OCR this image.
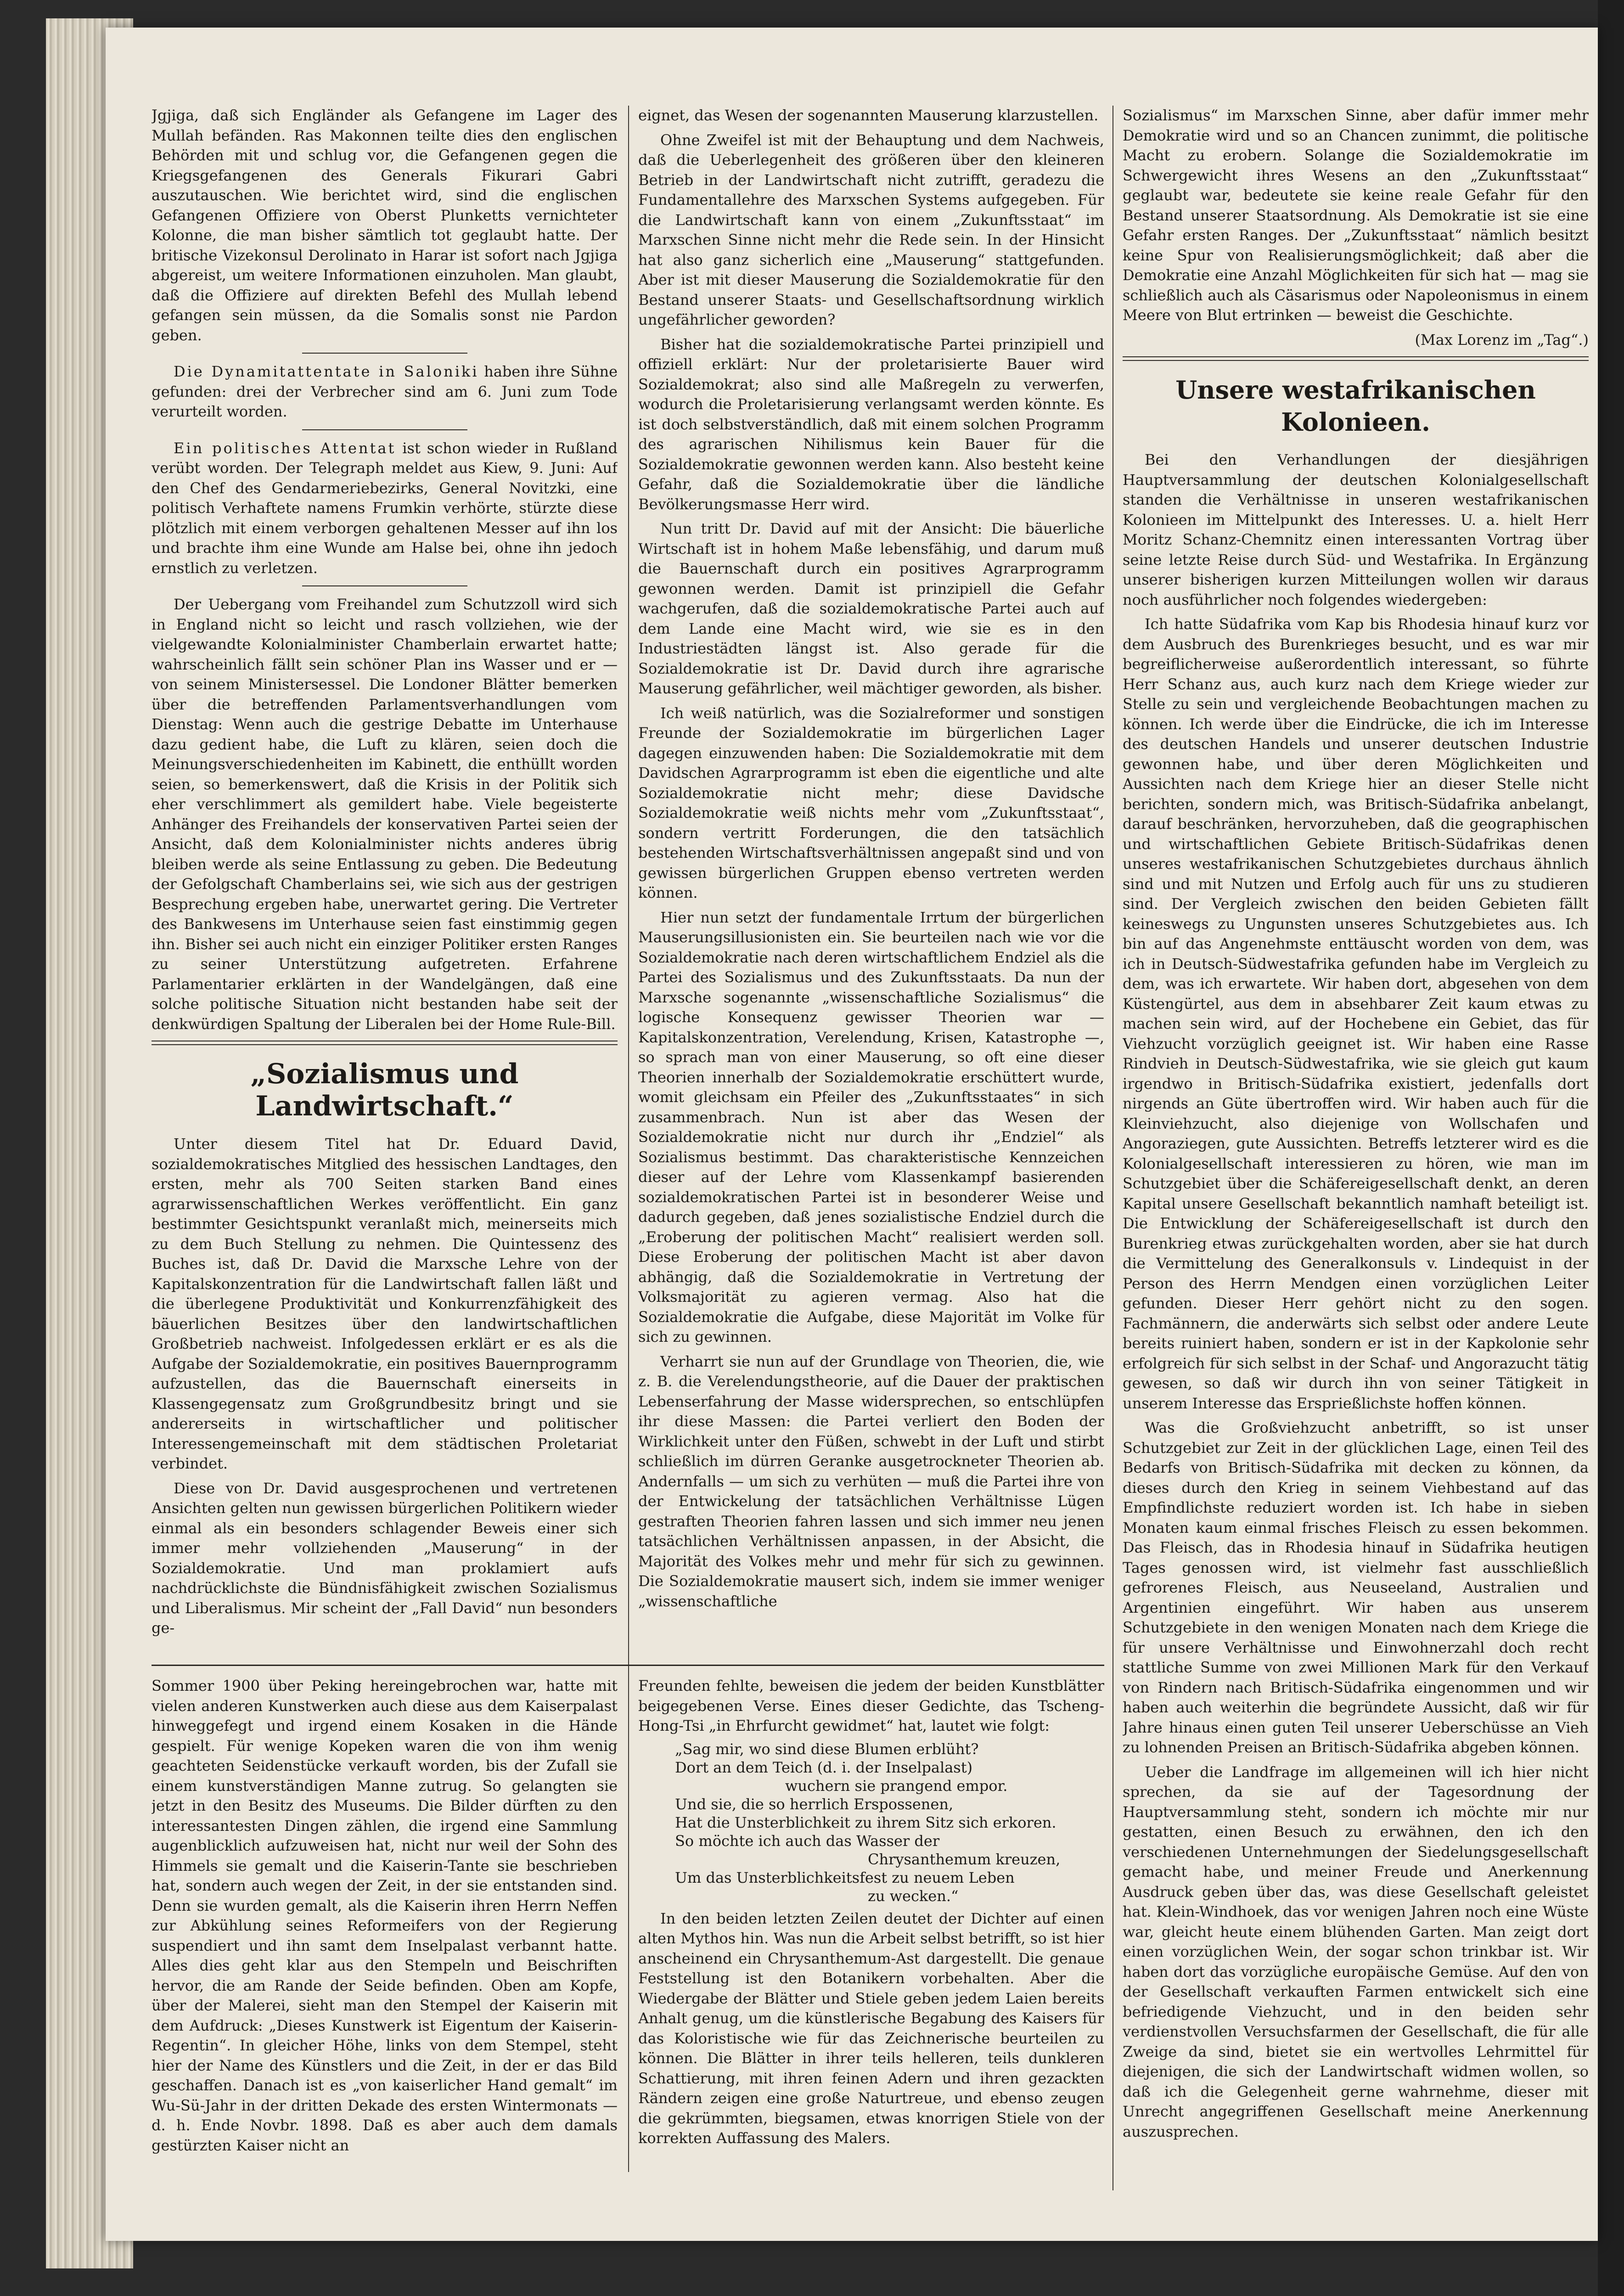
Jgjiga, daß sich Engländer als Gefangene im Lager des Mullah befänden. Ras Makonnen teilte dies den englischen Behörden mit und schlug vor, die Gefangenen gegen die Kriegsgefangenen des Generals Fikurari Gabri auszutauschen. Wie berichtet wird, sind die englischen Gefangenen Offiziere von Oberst Plunketts vernichteter Kolonne, die man bisher sämtlich tot geglaubt hatte. Der britische Vizekonsul Derolinato in Harar ist sofort nach Jgjiga abgereist, um weitere Informationen einzuholen. Man glaubt, daß die Offiziere auf direkten Befehl des Mullah lebend gefangen sein müssen, da die Somalis sonst nie Pardon geben.

Die Dynamitattentate in Saloniki haben ihre Sühne gefunden: drei der Verbrecher sind am 6. Juni zum Tode verurteilt worden.

Ein politisches Attentat ist schon wieder in Rußland verübt worden. Der Telegraph meldet aus Kiew, 9. Juni: Auf den Chef des Gendarmeriebezirks, General Novitzki, eine politisch Verhaftete namens Frumkin verhörte, stürzte diese plötzlich mit einem verborgen gehaltenen Messer auf ihn los und brachte ihm eine Wunde am Halse bei, ohne ihn jedoch ernstlich zu verletzen.

Der Uebergang vom Freihandel zum Schutzzoll wird sich in England nicht so leicht und rasch vollziehen, wie der vielgewandte Kolonialminister Chamberlain erwartet hatte; wahrscheinlich fällt sein schöner Plan ins Wasser und er — von seinem Ministersessel. Die Londoner Blätter bemerken über die betreffenden Parlamentsverhandlungen vom Dienstag: Wenn auch die gestrige Debatte im Unterhause dazu gedient habe, die Luft zu klären, seien doch die Meinungsverschiedenheiten im Kabinett, die enthüllt worden seien, so bemerkenswert, daß die Krisis in der Politik sich eher verschlimmert als gemildert habe. Viele begeisterte Anhänger des Freihandels der konservativen Partei seien der Ansicht, daß dem Kolonialminister nichts anderes übrig bleiben werde als seine Entlassung zu geben. Die Bedeutung der Gefolgschaft Chamberlains sei, wie sich aus der gestrigen Besprechung ergeben habe, unerwartet gering. Die Vertreter des Bankwesens im Unterhause seien fast einstimmig gegen ihn. Bisher sei auch nicht ein einziger Politiker ersten Ranges zu seiner Unterstützung aufgetreten. Erfahrene Parlamentarier erklärten in der Wandelgängen, daß eine solche politische Situation nicht bestanden habe seit der denkwürdigen Spaltung der Liberalen bei der Home Rule-Bill.

„Sozialismus und Landwirtschaft.“

Unter diesem Titel hat Dr. Eduard David, sozialdemokratisches Mitglied des hessischen Landtages, den ersten, mehr als 700 Seiten starken Band eines agrarwissenschaftlichen Werkes veröffentlicht. Ein ganz bestimmter Gesichtspunkt veranlaßt mich, meinerseits mich zu dem Buch Stellung zu nehmen. Die Quintessenz des Buches ist, daß Dr. David die Marxsche Lehre von der Kapitalskonzentration für die Landwirtschaft fallen läßt und die überlegene Produktivität und Konkurrenzfähigkeit des bäuerlichen Besitzes über den landwirtschaftlichen Großbetrieb nachweist. Infolgedessen erklärt er es als die Aufgabe der Sozialdemokratie, ein positives Bauernprogramm aufzustellen, das die Bauernschaft einerseits in Klassengegensatz zum Großgrundbesitz bringt und sie andererseits in wirtschaftlicher und politischer Interessengemeinschaft mit dem städtischen Proletariat verbindet.

Diese von Dr. David ausgesprochenen und vertretenen Ansichten gelten nun gewissen bürgerlichen Politikern wieder einmal als ein besonders schlagender Beweis einer sich immer mehr vollziehenden „Mauserung“ in der Sozialdemokratie. Und man proklamiert aufs nachdrücklichste die Bündnisfähigkeit zwischen Sozialismus und Liberalismus. Mir scheint der „Fall David“ nun besonders ge-

eignet, das Wesen der sogenannten Mauserung klarzustellen.

Ohne Zweifel ist mit der Behauptung und dem Nachweis, daß die Ueberlegenheit des größeren über den kleineren Betrieb in der Landwirtschaft nicht zutrifft, geradezu die Fundamentallehre des Marxschen Systems aufgegeben. Für die Landwirtschaft kann von einem „Zukunftsstaat“ im Marxschen Sinne nicht mehr die Rede sein. In der Hinsicht hat also ganz sicherlich eine „Mauserung“ stattgefunden. Aber ist mit dieser Mauserung die Sozialdemokratie für den Bestand unserer Staats- und Gesellschaftsordnung wirklich ungefährlicher geworden?

Bisher hat die sozialdemokratische Partei prinzipiell und offiziell erklärt: Nur der proletarisierte Bauer wird Sozialdemokrat; also sind alle Maßregeln zu verwerfen, wodurch die Proletarisierung verlangsamt werden könnte. Es ist doch selbstverständlich, daß mit einem solchen Programm des agrarischen Nihilismus kein Bauer für die Sozialdemokratie gewonnen werden kann. Also besteht keine Gefahr, daß die Sozialdemokratie über die ländliche Bevölkerungsmasse Herr wird.

Nun tritt Dr. David auf mit der Ansicht: Die bäuerliche Wirtschaft ist in hohem Maße lebensfähig, und darum muß die Bauernschaft durch ein positives Agrarprogramm gewonnen werden. Damit ist prinzipiell die Gefahr wachgerufen, daß die sozialdemokratische Partei auch auf dem Lande eine Macht wird, wie sie es in den Industriestädten längst ist. Also gerade für die Sozialdemokratie ist Dr. David durch ihre agrarische Mauserung gefährlicher, weil mächtiger geworden, als bisher.

Ich weiß natürlich, was die Sozialreformer und sonstigen Freunde der Sozialdemokratie im bürgerlichen Lager dagegen einzuwenden haben: Die Sozialdemokratie mit dem Davidschen Agrarprogramm ist eben die eigentliche und alte Sozialdemokratie nicht mehr; diese Davidsche Sozialdemokratie weiß nichts mehr vom „Zukunftsstaat“, sondern vertritt Forderungen, die den tatsächlich bestehenden Wirtschaftsverhältnissen angepaßt sind und von gewissen bürgerlichen Gruppen ebenso vertreten werden können.

Hier nun setzt der fundamentale Irrtum der bürgerlichen Mauserungsillusionisten ein. Sie beurteilen nach wie vor die Sozialdemokratie nach deren wirtschaftlichem Endziel als die Partei des Sozialismus und des Zukunftsstaats. Da nun der Marxsche sogenannte „wissenschaftliche Sozialismus“ die logische Konsequenz gewisser Theorien war — Kapitalskonzentration, Verelendung, Krisen, Katastrophe —, so sprach man von einer Mauserung, so oft eine dieser Theorien innerhalb der Sozialdemokratie erschüttert wurde, womit gleichsam ein Pfeiler des „Zukunftsstaates“ in sich zusammenbrach. Nun ist aber das Wesen der Sozialdemokratie nicht nur durch ihr „Endziel“ als Sozialismus bestimmt. Das charakteristische Kennzeichen dieser auf der Lehre vom Klassenkampf basierenden sozialdemokratischen Partei ist in besonderer Weise und dadurch gegeben, daß jenes sozialistische Endziel durch die „Eroberung der politischen Macht“ realisiert werden soll. Diese Eroberung der politischen Macht ist aber davon abhängig, daß die Sozialdemokratie in Vertretung der Volksmajorität zu agieren vermag. Also hat die Sozialdemokratie die Aufgabe, diese Majorität im Volke für sich zu gewinnen.

Verharrt sie nun auf der Grundlage von Theorien, die, wie z. B. die Verelendungstheorie, auf die Dauer der praktischen Lebenserfahrung der Masse widersprechen, so entschlüpfen ihr diese Massen: die Partei verliert den Boden der Wirklichkeit unter den Füßen, schwebt in der Luft und stirbt schließlich im dürren Geranke ausgetrockneter Theorien ab. Andernfalls — um sich zu verhüten — muß die Partei ihre von der Entwickelung der tatsächlichen Verhältnisse Lügen gestraften Theorien fahren lassen und sich immer neu jenen tatsächlichen Verhältnissen anpassen, in der Absicht, die Majorität des Volkes mehr und mehr für sich zu gewinnen. Die Sozialdemokratie mausert sich, indem sie immer weniger „wissenschaftliche

Sozialismus“ im Marxschen Sinne, aber dafür immer mehr Demokratie wird und so an Chancen zunimmt, die politische Macht zu erobern. Solange die Sozialdemokratie im Schwergewicht ihres Wesens an den „Zukunftsstaat“ geglaubt war, bedeutete sie keine reale Gefahr für den Bestand unserer Staatsordnung. Als Demokratie ist sie eine Gefahr ersten Ranges. Der „Zukunftsstaat“ nämlich besitzt keine Spur von Realisierungsmöglichkeit; daß aber die Demokratie eine Anzahl Möglichkeiten für sich hat — mag sie schließlich auch als Cäsarismus oder Napoleonismus in einem Meere von Blut ertrinken — beweist die Geschichte.

(Max Lorenz im „Tag“.)

Unsere westafrikanischen Kolonieen.

Bei den Verhandlungen der diesjährigen Hauptversammlung der deutschen Kolonialgesellschaft standen die Verhältnisse in unseren westafrikanischen Kolonieen im Mittelpunkt des Interesses. U. a. hielt Herr Moritz Schanz-Chemnitz einen interessanten Vortrag über seine letzte Reise durch Süd- und Westafrika. In Ergänzung unserer bisherigen kurzen Mitteilungen wollen wir daraus noch ausführlicher noch folgendes wiedergeben:

Ich hatte Südafrika vom Kap bis Rhodesia hinauf kurz vor dem Ausbruch des Burenkrieges besucht, und es war mir begreiflicherweise außerordentlich interessant, so führte Herr Schanz aus, auch kurz nach dem Kriege wieder zur Stelle zu sein und vergleichende Beobachtungen machen zu können. Ich werde über die Eindrücke, die ich im Interesse des deutschen Handels und unserer deutschen Industrie gewonnen habe, und über deren Möglichkeiten und Aussichten nach dem Kriege hier an dieser Stelle nicht berichten, sondern mich, was Britisch-Südafrika anbelangt, darauf beschränken, hervorzuheben, daß die geographischen und wirtschaftlichen Gebiete Britisch-Südafrikas denen unseres westafrikanischen Schutzgebietes durchaus ähnlich sind und mit Nutzen und Erfolg auch für uns zu studieren sind. Der Vergleich zwischen den beiden Gebieten fällt keineswegs zu Ungunsten unseres Schutzgebietes aus. Ich bin auf das Angenehmste enttäuscht worden von dem, was ich in Deutsch-Südwestafrika gefunden habe im Vergleich zu dem, was ich erwartete. Wir haben dort, abgesehen von dem Küstengürtel, aus dem in absehbarer Zeit kaum etwas zu machen sein wird, auf der Hochebene ein Gebiet, das für Viehzucht vorzüglich geeignet ist. Wir haben eine Rasse Rindvieh in Deutsch-Südwestafrika, wie sie gleich gut kaum irgendwo in Britisch-Südafrika existiert, jedenfalls dort nirgends an Güte übertroffen wird. Wir haben auch für die Kleinviehzucht, also diejenige von Wollschafen und Angoraziegen, gute Aussichten. Betreffs letzterer wird es die Kolonialgesellschaft interessieren zu hören, wie man im Schutzgebiet über die Schäfereigesellschaft denkt, an deren Kapital unsere Gesellschaft bekanntlich namhaft beteiligt ist. Die Entwicklung der Schäfereigesellschaft ist durch den Burenkrieg etwas zurückgehalten worden, aber sie hat durch die Vermittelung des Generalkonsuls v. Lindequist in der Person des Herrn Mendgen einen vorzüglichen Leiter gefunden. Dieser Herr gehört nicht zu den sogen. Fachmännern, die anderwärts sich selbst oder andere Leute bereits ruiniert haben, sondern er ist in der Kapkolonie sehr erfolgreich für sich selbst in der Schaf- und Angorazucht tätig gewesen, so daß wir durch ihn von seiner Tätigkeit in unserem Interesse das Ersprießlichste hoffen können.

Was die Großviehzucht anbetrifft, so ist unser Schutzgebiet zur Zeit in der glücklichen Lage, einen Teil des Bedarfs von Britisch-Südafrika mit decken zu können, da dieses durch den Krieg in seinem Viehbestand auf das Empfindlichste reduziert worden ist. Ich habe in sieben Monaten kaum einmal frisches Fleisch zu essen bekommen. Das Fleisch, das in Rhodesia hinauf in Südafrika heutigen Tages genossen wird, ist vielmehr fast ausschließlich gefrorenes Fleisch, aus Neuseeland, Australien und Argentinien eingeführt. Wir haben aus unserem Schutzgebiete in den wenigen Monaten nach dem Kriege die für unsere Verhältnisse und Einwohnerzahl doch recht stattliche Summe von zwei Millionen Mark für den Verkauf von Rindern nach Britisch-Südafrika eingenommen und wir haben auch weiterhin die begründete Aussicht, daß wir für Jahre hinaus einen guten Teil unserer Ueberschüsse an Vieh zu lohnenden Preisen an Britisch-Südafrika abgeben können.

Ueber die Landfrage im allgemeinen will ich hier nicht sprechen, da sie auf der Tagesordnung der Hauptversammlung steht, sondern ich möchte mir nur gestatten, einen Besuch zu erwähnen, den ich den verschiedenen Unternehmungen der Siedelungsgesellschaft gemacht habe, und meiner Freude und Anerkennung Ausdruck geben über das, was diese Gesellschaft geleistet hat. Klein-Windhoek, das vor wenigen Jahren noch eine Wüste war, gleicht heute einem blühenden Garten. Man zeigt dort einen vorzüglichen Wein, der sogar schon trinkbar ist. Wir haben dort das vorzügliche europäische Gemüse. Auf den von der Gesellschaft verkauften Farmen entwickelt sich eine befriedigende Viehzucht, und in den beiden sehr verdienstvollen Versuchsfarmen der Gesellschaft, die für alle Zweige da sind, bietet sie ein wertvolles Lehrmittel für diejenigen, die sich der Landwirtschaft widmen wollen, so daß ich die Gelegenheit gerne wahrnehme, dieser mit Unrecht angegriffenen Gesellschaft meine Anerkennung auszusprechen.

Sommer 1900 über Peking hereingebrochen war, hatte mit vielen anderen Kunstwerken auch diese aus dem Kaiserpalast hinweggefegt und irgend einem Kosaken in die Hände gespielt. Für wenige Kopeken waren die von ihm wenig geachteten Seidenstücke verkauft worden, bis der Zufall sie einem kunstverständigen Manne zutrug. So gelangten sie jetzt in den Besitz des Museums. Die Bilder dürften zu den interessantesten Dingen zählen, die irgend eine Sammlung augenblicklich aufzuweisen hat, nicht nur weil der Sohn des Himmels sie gemalt und die Kaiserin-Tante sie beschrieben hat, sondern auch wegen der Zeit, in der sie entstanden sind. Denn sie wurden gemalt, als die Kaiserin ihren Herrn Neffen zur Abkühlung seines Reformeifers von der Regierung suspendiert und ihn samt dem Inselpalast verbannt hatte. Alles dies geht klar aus den Stempeln und Beischriften hervor, die am Rande der Seide befinden. Oben am Kopfe, über der Malerei, sieht man den Stempel der Kaiserin mit dem Aufdruck: „Dieses Kunstwerk ist Eigentum der Kaiserin-Regentin“. In gleicher Höhe, links von dem Stempel, steht hier der Name des Künstlers und die Zeit, in der er das Bild geschaffen. Danach ist es „von kaiserlicher Hand gemalt“ im Wu-Sü-Jahr in der dritten Dekade des ersten Wintermonats — d. h. Ende Novbr. 1898. Daß es aber auch dem damals gestürzten Kaiser nicht an

Freunden fehlte, beweisen die jedem der beiden Kunstblätter beigegebenen Verse. Eines dieser Gedichte, das Tscheng-Hong-Tsi „in Ehrfurcht gewidmet“ hat, lautet wie folgt:

„Sag mir, wo sind diese Blumen erblüht?
Dort an dem Teich (d. i. der Inselpalast)
wuchern sie prangend empor.
Und sie, die so herrlich Erspossenen,
Hat die Unsterblichkeit zu ihrem Sitz sich erkoren.
So möchte ich auch das Wasser der
Chrysanthemum kreuzen,
Um das Unsterblichkeitsfest zu neuem Leben
zu wecken.“

In den beiden letzten Zeilen deutet der Dichter auf einen alten Mythos hin. Was nun die Arbeit selbst betrifft, so ist hier anscheinend ein Chrysanthemum-Ast dargestellt. Die genaue Feststellung ist den Botanikern vorbehalten. Aber die Wiedergabe der Blätter und Stiele geben jedem Laien bereits Anhalt genug, um die künstlerische Begabung des Kaisers für das Koloristische wie für das Zeichnerische beurteilen zu können. Die Blätter in ihrer teils helleren, teils dunkleren Schattierung, mit ihren feinen Adern und ihren gezackten Rändern zeigen eine große Naturtreue, und ebenso zeugen die gekrümmten, biegsamen, etwas knorrigen Stiele von der korrekten Auffassung des Malers.
